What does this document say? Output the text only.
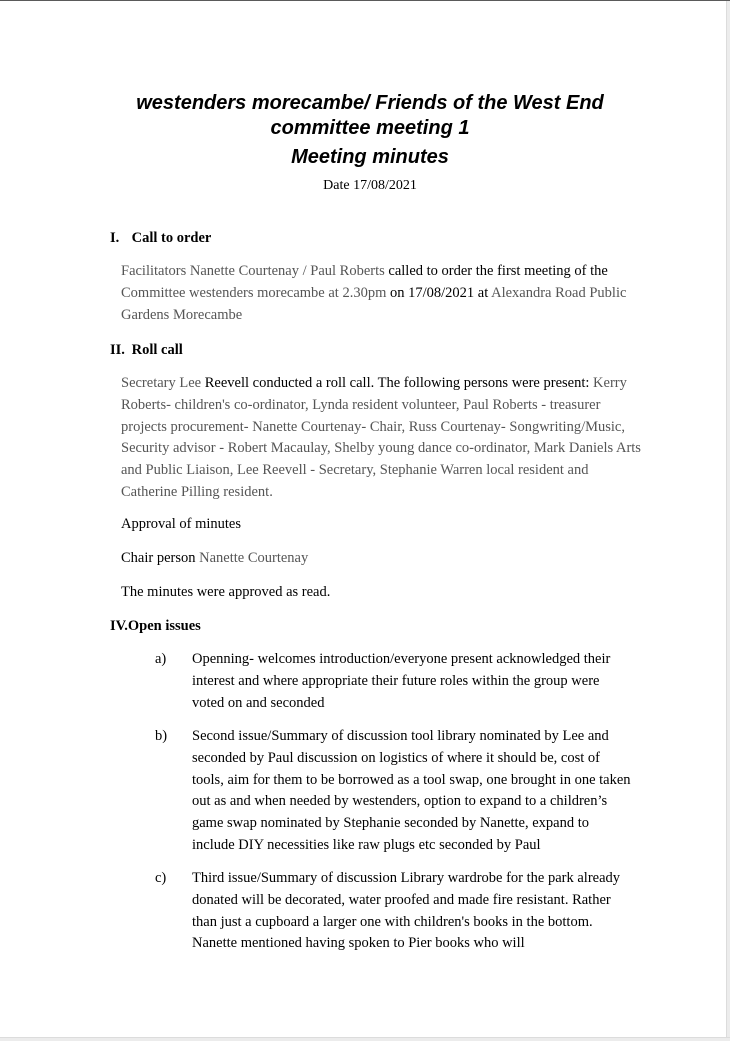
westenders morecambe/ Friends of the West End
committee meeting 1
Meeting minutes
Date 17/08/2021
I. Call to order
Facilitators Nanette Courtenay / Paul Roberts called to order the first meeting of the Committee westenders morecambe at 2.30pm on 17/08/2021 at Alexandra Road Public Gardens Morecambe
II. Roll call
Secretary Lee Reevell conducted a roll call. The following persons were present: Kerry Roberts- children's co-ordinator, Lynda resident volunteer, Paul Roberts - treasurer projects procurement- Nanette Courtenay- Chair, Russ Courtenay- Songwriting/Music, Security advisor - Robert Macaulay, Shelby young dance co-ordinator, Mark Daniels Arts and Public Liaison, Lee Reevell - Secretary, Stephanie Warren local resident and Catherine Pilling resident.
Approval of minutes
Chair person Nanette Courtenay
The minutes were approved as read.
IV.Open issues
a) Openning- welcomes introduction/everyone present acknowledged their interest and where appropriate their future roles within the group were voted on and seconded
b) Second issue/Summary of discussion tool library nominated by Lee and seconded by Paul discussion on logistics of where it should be, cost of tools, aim for them to be borrowed as a tool swap, one brought in one taken out as and when needed by westenders, option to expand to a children’s game swap nominated by Stephanie seconded by Nanette, expand to include DIY necessities like raw plugs etc seconded by Paul
c) Third issue/Summary of discussion Library wardrobe for the park already donated will be decorated, water proofed and made fire resistant. Rather than just a cupboard a larger one with children's books in the bottom. Nanette mentioned having spoken to Pier books who will
